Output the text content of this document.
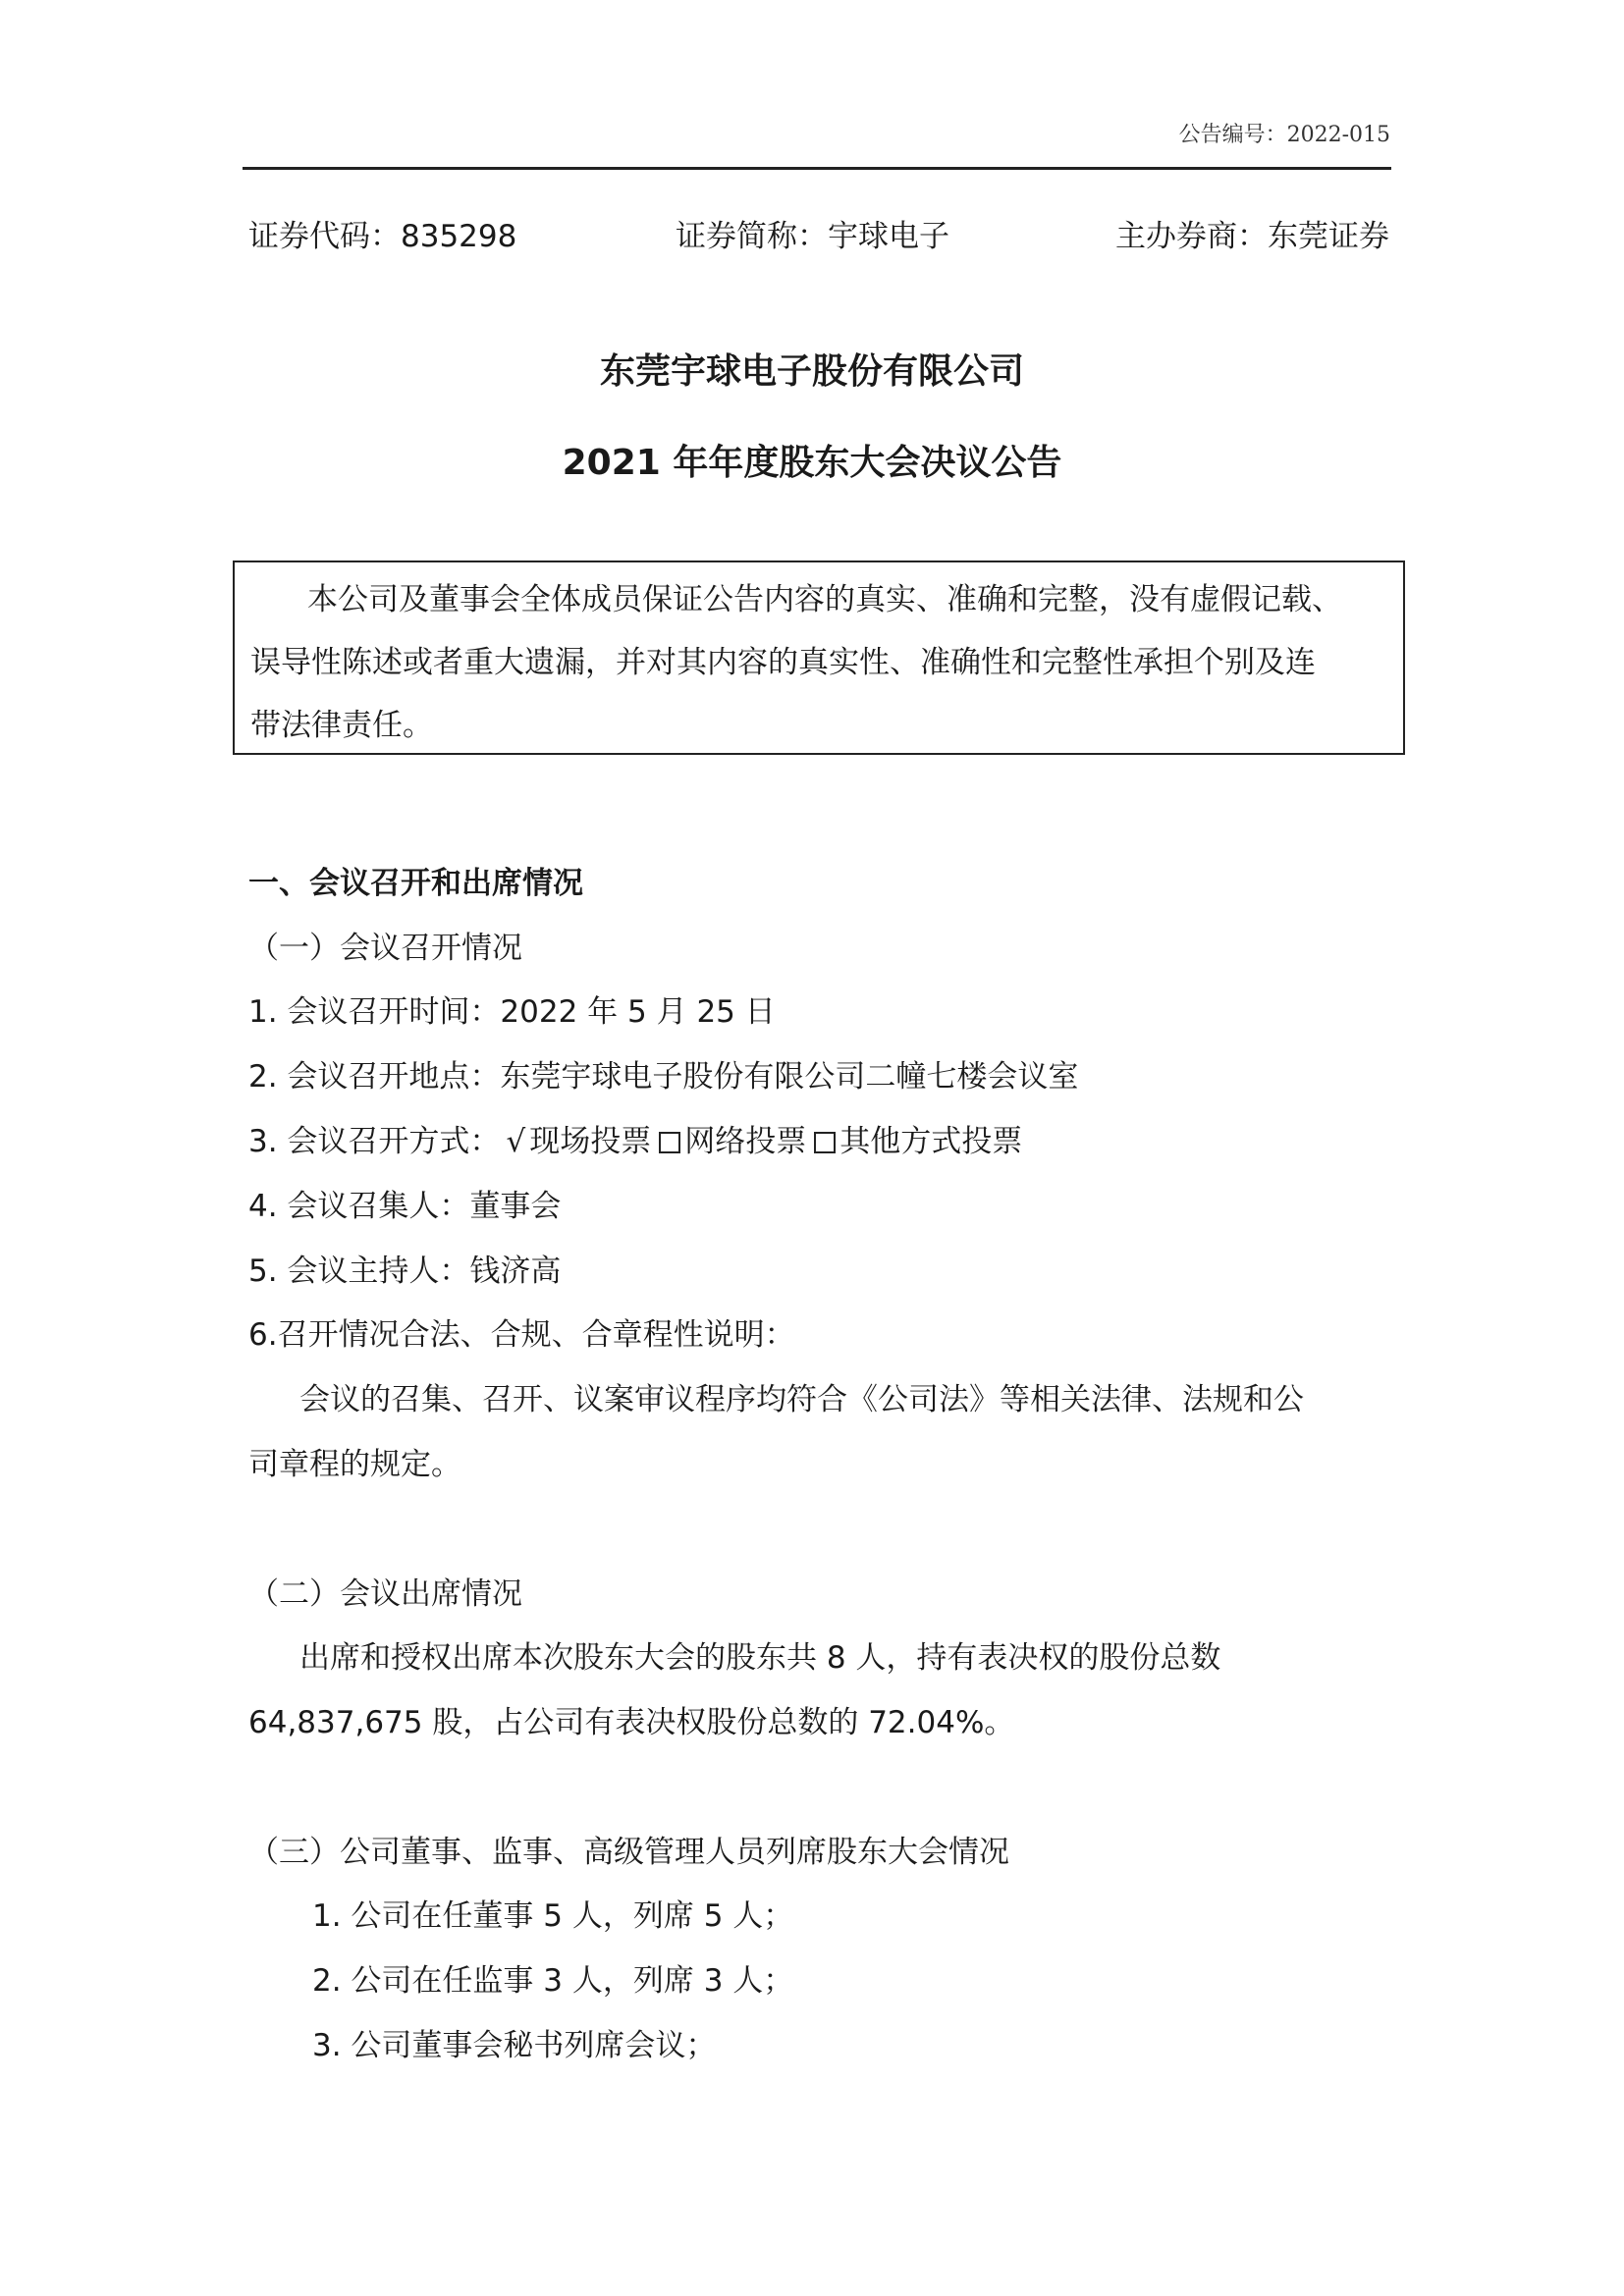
公告编号：2022-015
证券代码：835298	证券简称：宇球电子	主办券商：东莞证券
东莞宇球电子股份有限公司
2021 年年度股东大会决议公告
本公司及董事会全体成员保证公告内容的真实、准确和完整，没有虚假记载、
误导性陈述或者重大遗漏，并对其内容的真实性、准确性和完整性承担个别及连
带法律责任。
一、会议召开和出席情况
（一）会议召开情况
1. 会议召开时间：2022 年 5 月 25 日
2. 会议召开地点：东莞宇球电子股份有限公司二幢七楼会议室
3. 会议召开方式： √ 现场投票 网络投票 其他方式投票
4. 会议召集人：董事会
5. 会议主持人：钱济高
6.召开情况合法、合规、合章程性说明：
会议的召集、召开、议案审议程序均符合《公司法》等相关法律、法规和公
司章程的规定。
（二）会议出席情况
出席和授权出席本次股东大会的股东共 8 人，持有表决权的股份总数
64,837,675 股，占公司有表决权股份总数的 72.04%。
（三）公司董事、监事、高级管理人员列席股东大会情况
1. 公司在任董事 5 人，列席 5 人；
2. 公司在任监事 3 人，列席 3 人；
3. 公司董事会秘书列席会议；
